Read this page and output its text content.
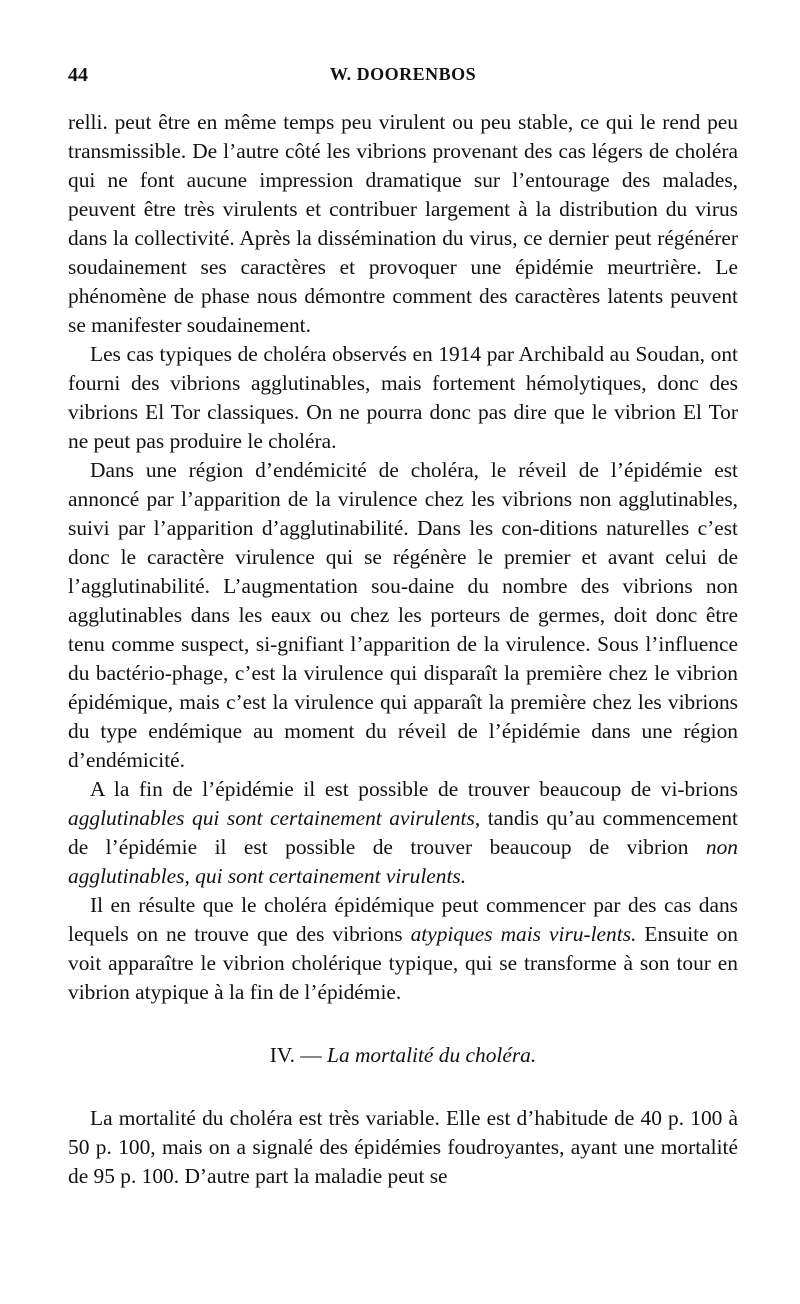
44	W. DOORENBOS

relli. peut être en même temps peu virulent ou peu stable, ce qui le rend peu transmissible. De l’autre côté les vibrions provenant des cas légers de choléra qui ne font aucune impression dramatique sur l’entourage des malades, peuvent être très virulents et contribuer largement à la distribution du virus dans la collectivité. Après la dissémination du virus, ce dernier peut régénérer soudainement ses caractères et provoquer une épidémie meurtrière. Le phénomène de phase nous démontre comment des caractères latents peuvent se manifester soudainement.

Les cas typiques de choléra observés en 1914 par Archibald au Soudan, ont fourni des vibrions agglutinables, mais fortement hémolytiques, donc des vibrions El Tor classiques. On ne pourra donc pas dire que le vibrion El Tor ne peut pas produire le choléra.

Dans une région d’endémicité de choléra, le réveil de l’épidémie est annoncé par l’apparition de la virulence chez les vibrions non agglutinables, suivi par l’apparition d’agglutinabilité. Dans les con-ditions naturelles c’est donc le caractère virulence qui se régénère le premier et avant celui de l’agglutinabilité. L’augmentation sou-daine du nombre des vibrions non agglutinables dans les eaux ou chez les porteurs de germes, doit donc être tenu comme suspect, si-gnifiant l’apparition de la virulence. Sous l’influence du bactério-phage, c’est la virulence qui disparaît la première chez le vibrion épidémique, mais c’est la virulence qui apparaît la première chez les vibrions du type endémique au moment du réveil de l’épidémie dans une région d’endémicité.

A la fin de l’épidémie il est possible de trouver beaucoup de vi-brions agglutinables qui sont certainement avirulents, tandis qu’au commencement de l’épidémie il est possible de trouver beaucoup de vibrion non agglutinables, qui sont certainement virulents.

Il en résulte que le choléra épidémique peut commencer par des cas dans lequels on ne trouve que des vibrions atypiques mais viru-lents. Ensuite on voit apparaître le vibrion cholérique typique, qui se transforme à son tour en vibrion atypique à la fin de l’épidémie.

IV. — La mortalité du choléra.

La mortalité du choléra est très variable. Elle est d’habitude de 40 p. 100 à 50 p. 100, mais on a signalé des épidémies foudroyantes, ayant une mortalité de 95 p. 100. D’autre part la maladie peut se
